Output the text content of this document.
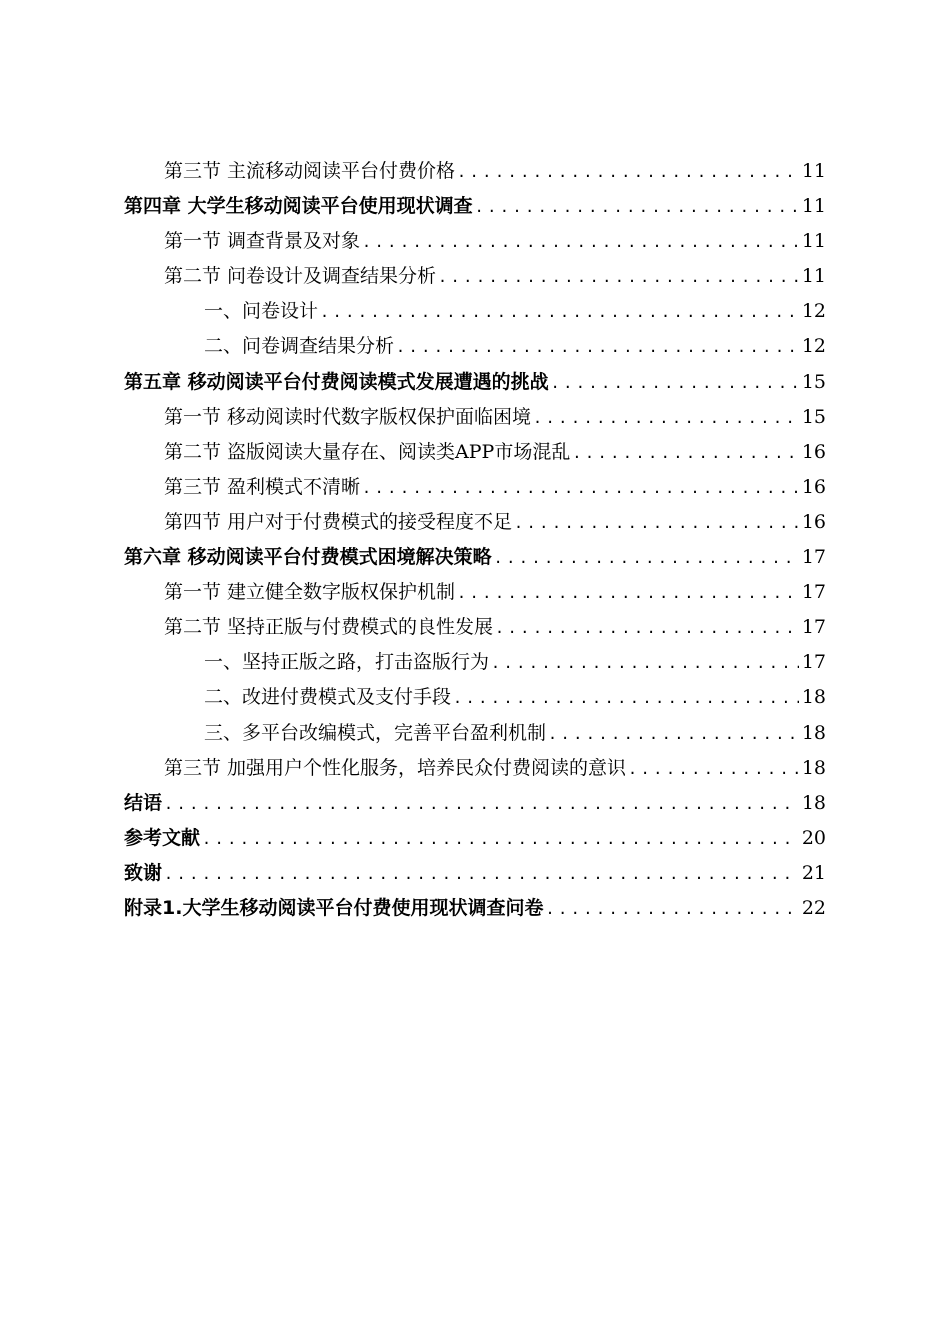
第三节 主流移动阅读平台付费价格 .....	11
第四章 大学生移动阅读平台使用现状调查 .....	11
第一节 调查背景及对象 .....	11
第二节 问卷设计及调查结果分析 .....	11
一、问卷设计 .....	12
二、问卷调查结果分析 .....	12
第五章 移动阅读平台付费阅读模式发展遭遇的挑战 .....	15
第一节 移动阅读时代数字版权保护面临困境 .....	15
第二节 盗版阅读大量存在、阅读类APP市场混乱 .....	16
第三节 盈利模式不清晰 .....	16
第四节 用户对于付费模式的接受程度不足 .....	16
第六章 移动阅读平台付费模式困境解决策略 .....	17
第一节 建立健全数字版权保护机制 .....	17
第二节 坚持正版与付费模式的良性发展 .....	17
一、坚持正版之路，打击盗版行为 .....	17
二、改进付费模式及支付手段 .....	18
三、多平台改编模式，完善平台盈利机制 .....	18
第三节 加强用户个性化服务，培养民众付费阅读的意识 .....	18
结语 .....	18
参考文献 .....	20
致谢 .....	21
附录1.大学生移动阅读平台付费使用现状调查问卷 .....	22
